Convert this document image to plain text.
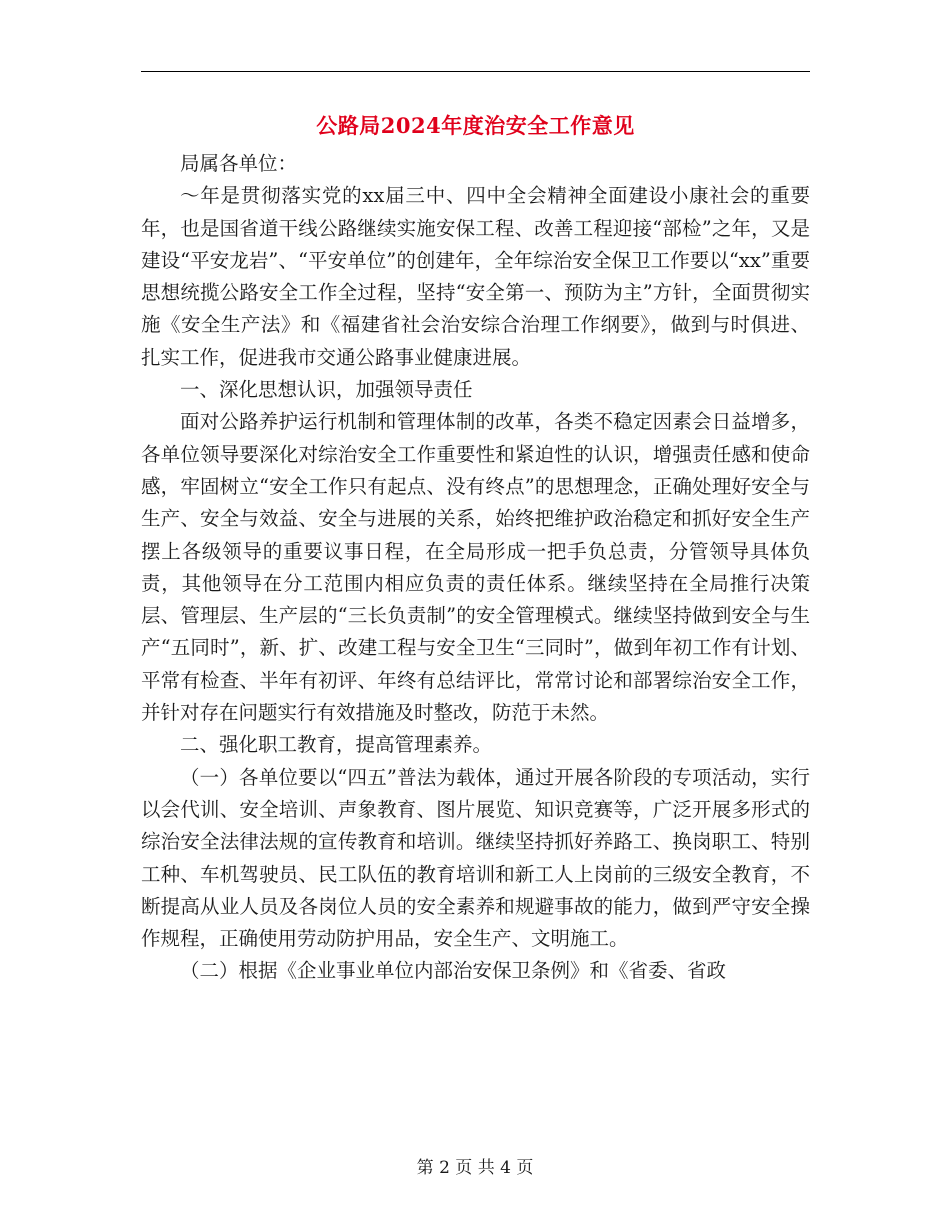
公路局2024年度治安全工作意见

局属各单位：

～年是贯彻落实党的xx届三中、四中全会精神全面建设小康社会的重要年，也是国省道干线公路继续实施安保工程、改善工程迎接“部检”之年，又是建设“平安龙岩”、“平安单位”的创建年，全年综治安全保卫工作要以“xx”重要思想统揽公路安全工作全过程，坚持“安全第一、预防为主”方针，全面贯彻实施《安全生产法》和《福建省社会治安综合治理工作纲要》，做到与时俱进、扎实工作，促进我市交通公路事业健康进展。

一、深化思想认识，加强领导责任

面对公路养护运行机制和管理体制的改革，各类不稳定因素会日益增多，各单位领导要深化对综治安全工作重要性和紧迫性的认识，增强责任感和使命感，牢固树立“安全工作只有起点、没有终点”的思想理念，正确处理好安全与生产、安全与效益、安全与进展的关系，始终把维护政治稳定和抓好安全生产摆上各级领导的重要议事日程，在全局形成一把手负总责，分管领导具体负责，其他领导在分工范围内相应负责的责任体系。继续坚持在全局推行决策层、管理层、生产层的“三长负责制”的安全管理模式。继续坚持做到安全与生产“五同时”，新、扩、改建工程与安全卫生“三同时”，做到年初工作有计划、平常有检查、半年有初评、年终有总结评比，常常讨论和部署综治安全工作，并针对存在问题实行有效措施及时整改，防范于未然。

二、强化职工教育，提高管理素养。

（一）各单位要以“四五”普法为载体，通过开展各阶段的专项活动，实行以会代训、安全培训、声象教育、图片展览、知识竞赛等，广泛开展多形式的综治安全法律法规的宣传教育和培训。继续坚持抓好养路工、换岗职工、特别工种、车机驾驶员、民工队伍的教育培训和新工人上岗前的三级安全教育，不断提高从业人员及各岗位人员的安全素养和规避事故的能力，做到严守安全操作规程，正确使用劳动防护用品，安全生产、文明施工。

（二）根据《企业事业单位内部治安保卫条例》和《省委、省政

第 2 页 共 4 页
